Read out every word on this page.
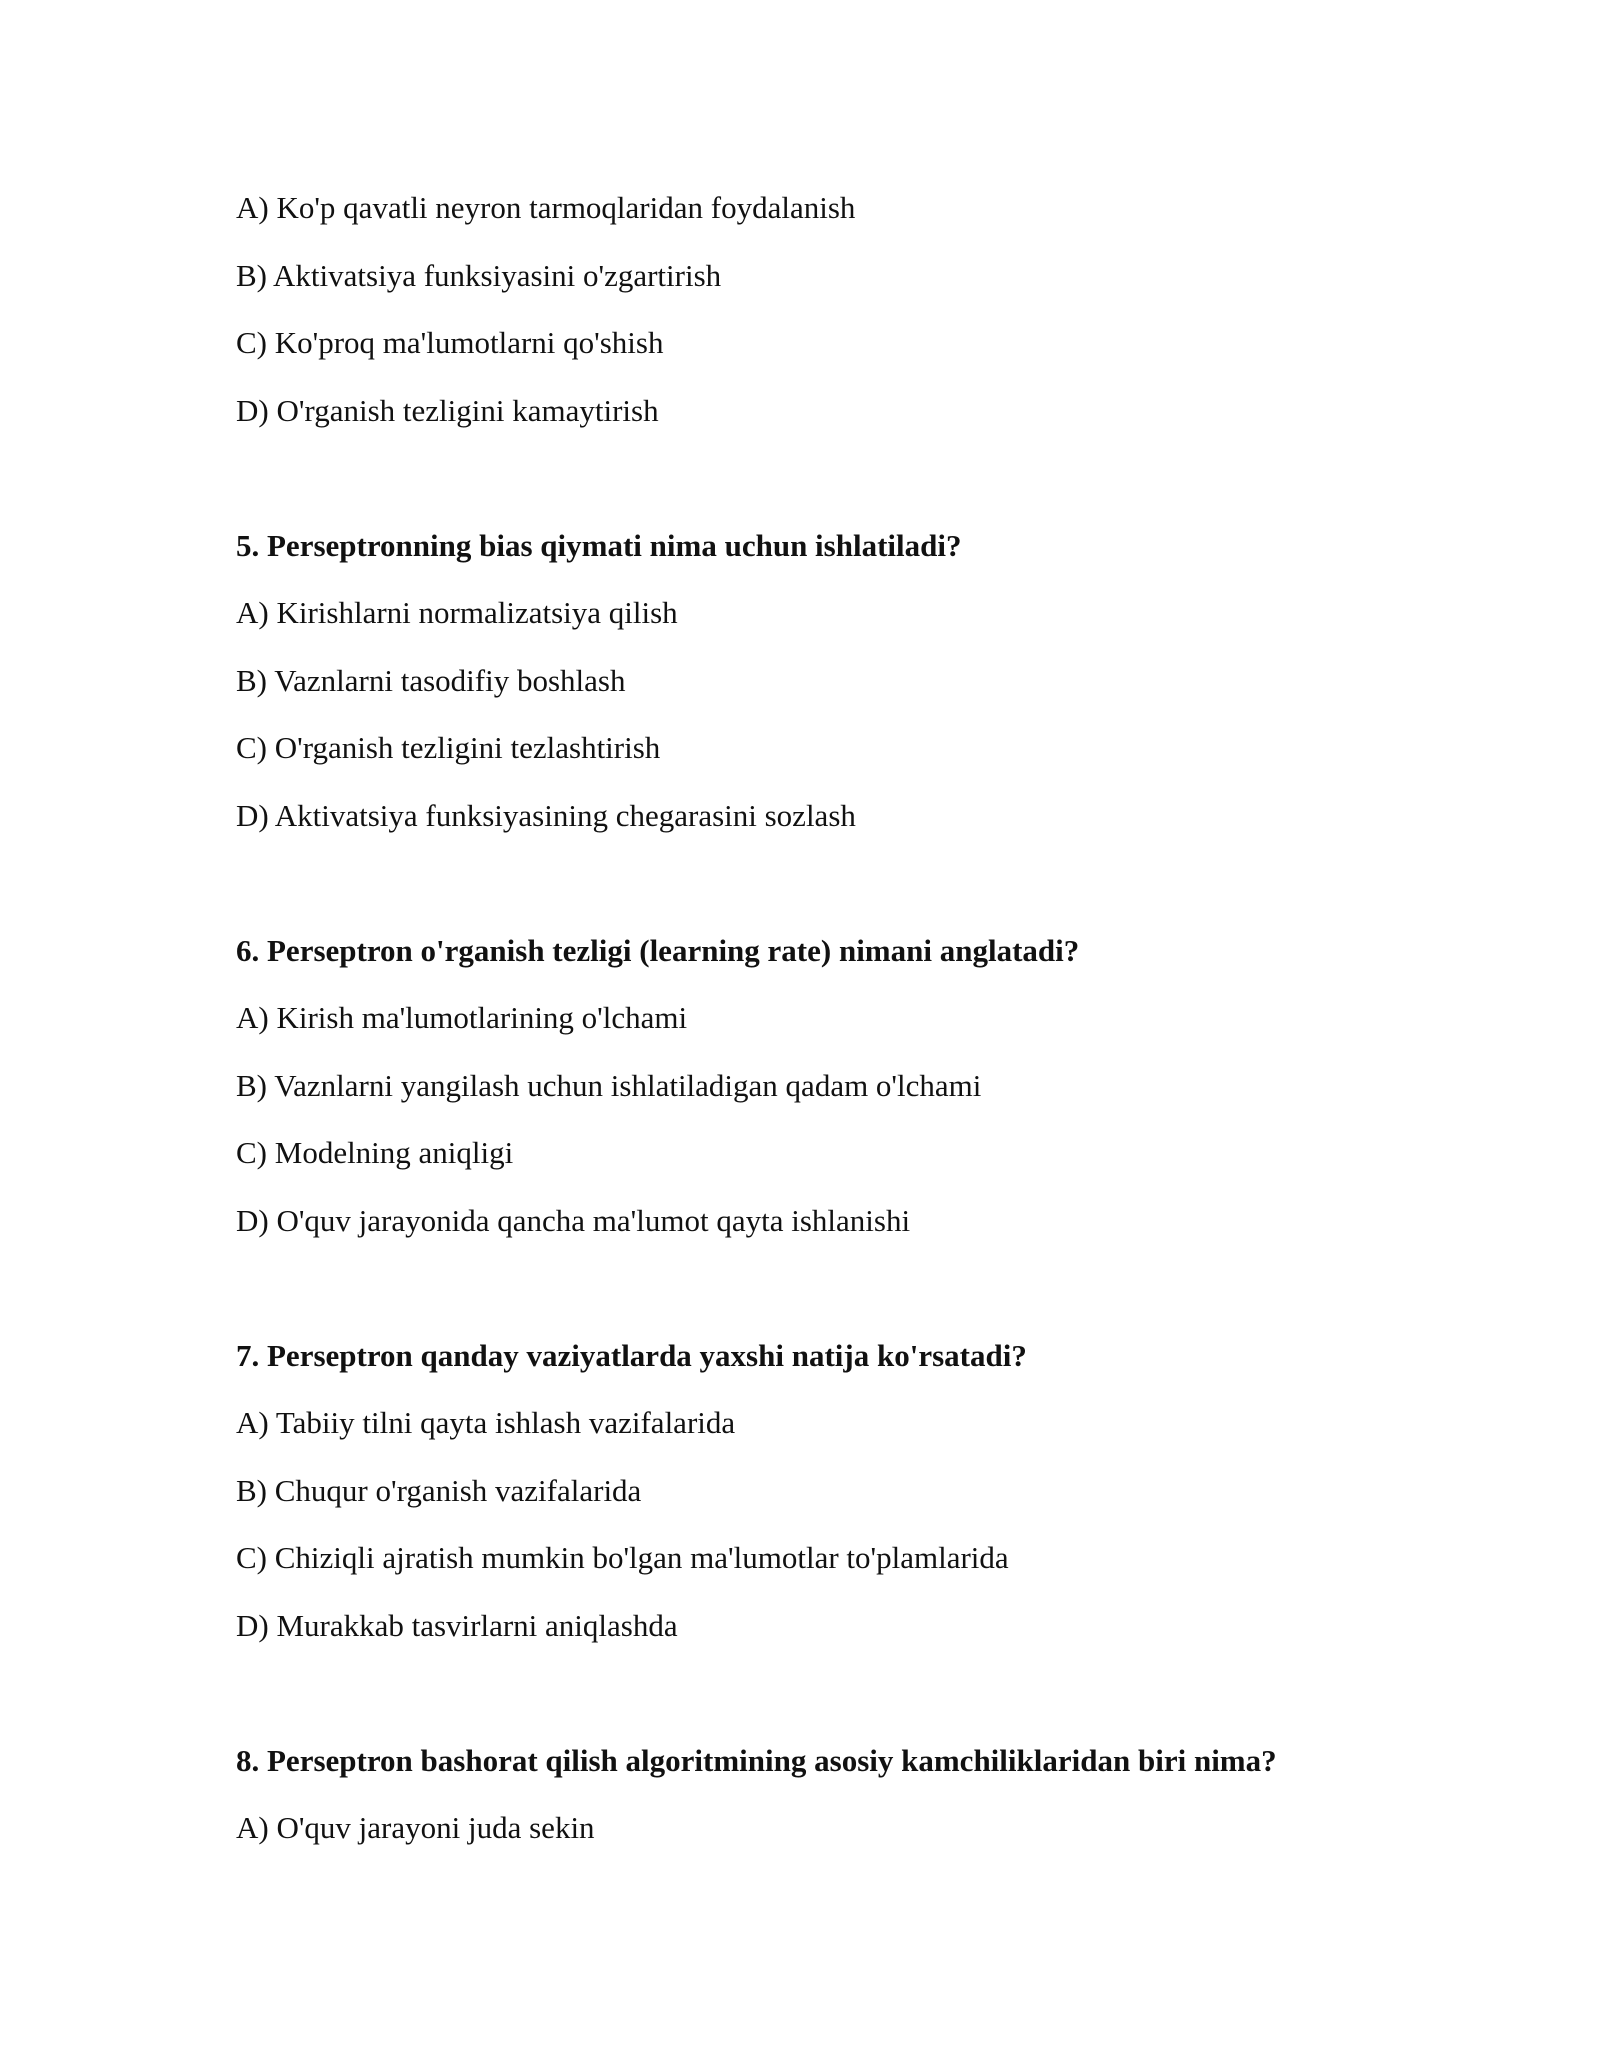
A) Ko'p qavatli neyron tarmoqlaridan foydalanish
B) Aktivatsiya funksiyasini o'zgartirish
C) Ko'proq ma'lumotlarni qo'shish
D) O'rganish tezligini kamaytirish
5. Perseptronning bias qiymati nima uchun ishlatiladi?
A) Kirishlarni normalizatsiya qilish
B) Vaznlarni tasodifiy boshlash
C) O'rganish tezligini tezlashtirish
D) Aktivatsiya funksiyasining chegarasini sozlash
6. Perseptron o'rganish tezligi (learning rate) nimani anglatadi?
A) Kirish ma'lumotlarining o'lchami
B) Vaznlarni yangilash uchun ishlatiladigan qadam o'lchami
C) Modelning aniqligi
D) O'quv jarayonida qancha ma'lumot qayta ishlanishi
7. Perseptron qanday vaziyatlarda yaxshi natija ko'rsatadi?
A) Tabiiy tilni qayta ishlash vazifalarida
B) Chuqur o'rganish vazifalarida
C) Chiziqli ajratish mumkin bo'lgan ma'lumotlar to'plamlarida
D) Murakkab tasvirlarni aniqlashda
8. Perseptron bashorat qilish algoritmining asosiy kamchiliklaridan biri nima?
A) O'quv jarayoni juda sekin
